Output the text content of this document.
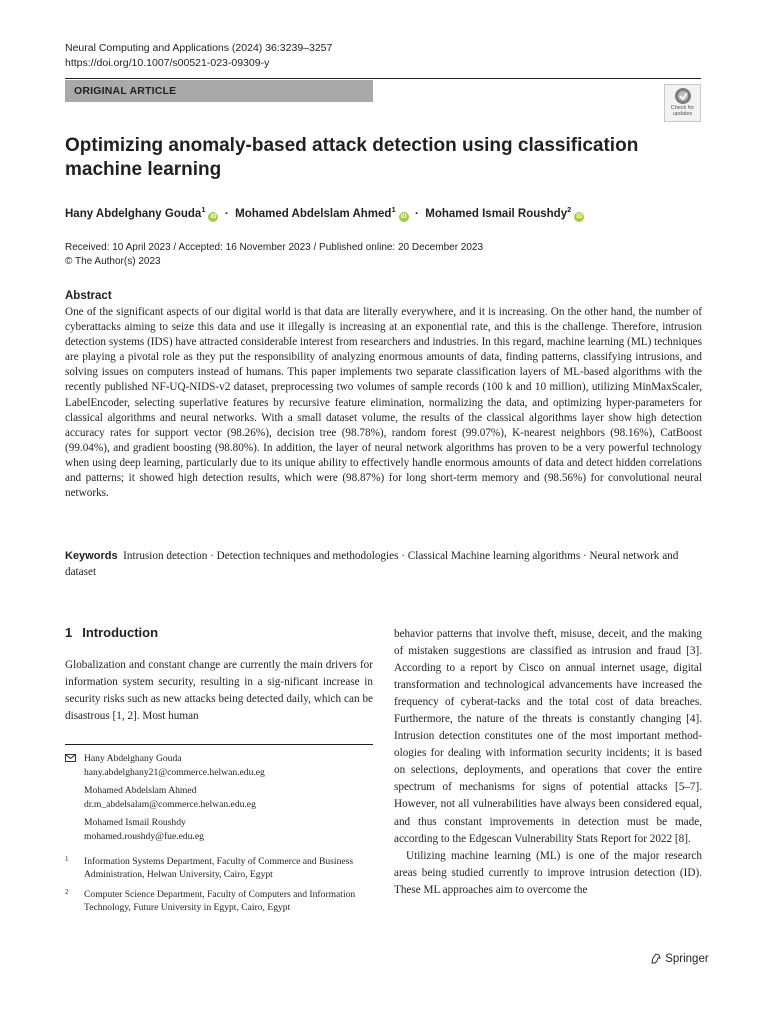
Neural Computing and Applications (2024) 36:3239–3257
https://doi.org/10.1007/s00521-023-09309-y
ORIGINAL ARTICLE
Check for updates
Optimizing anomaly-based attack detection using classification machine learning
Hany Abdelghany Gouda$^1$iD  ·  Mohamed Abdelslam Ahmed$^1$iD  ·  Mohamed Ismail Roushdy$^2$iD
Received: 10 April 2023 / Accepted: 16 November 2023 / Published online: 20 December 2023
© The Author(s) 2023
Abstract
One of the significant aspects of our digital world is that data are literally everywhere, and it is increasing. On the other hand, the number of cyberattacks aiming to seize this data and use it illegally is increasing at an exponential rate, and this is the challenge. Therefore, intrusion detection systems (IDS) have attracted considerable interest from researchers and industries. In this regard, machine learning (ML) techniques are playing a pivotal role as they put the responsibility of analyzing enormous amounts of data, finding patterns, classifying intrusions, and solving issues on computers instead of humans. This paper implements two separate classification layers of ML-based algorithms with the recently published NF-UQ-NIDS-v2 dataset, preprocessing two volumes of sample records (100 k and 10 million), utilizing MinMaxScaler, LabelEncoder, selecting superlative features by recursive feature elimination, normalizing the data, and optimizing hyper-parameters for classical algorithms and neural networks. With a small dataset volume, the results of the classical algorithms layer show high detection accuracy rates for support vector (98.26%), decision tree (98.78%), random forest (99.07%), K-nearest neighbors (98.16%), CatBoost (99.04%), and gradient boosting (98.80%). In addition, the layer of neural network algorithms has proven to be a very powerful technology when using deep learning, particularly due to its unique ability to effectively handle enormous amounts of data and detect hidden correlations and patterns; it showed high detection results, which were (98.87%) for long short-term memory and (98.56%) for convolutional neural networks.
Keywords Intrusion detection · Detection techniques and methodologies · Classical Machine learning algorithms · Neural network and dataset
1 Introduction
Globalization and constant change are currently the main drivers for information system security, resulting in a sig-nificant increase in security risks such as new attacks being detected daily, which can be disastrous [1, 2]. Most human
Hany Abdelghany Gouda
hany.abdelghany21@commerce.helwan.edu.eg
Mohamed Abdelslam Ahmed
dr.m_abdelsalam@commerce.helwan.edu.eg
Mohamed Ismail Roushdy
mohamed.roushdy@fue.edu.eg
1 Information Systems Department, Faculty of Commerce and Business Administration, Helwan University, Cairo, Egypt
2 Computer Science Department, Faculty of Computers and Information Technology, Future University in Egypt, Cairo, Egypt

behavior patterns that involve theft, misuse, deceit, and the making of mistaken suggestions are classified as intrusion and fraud [3]. According to a report by Cisco on annual internet usage, digital transformation and technological advancements have increased the frequency of cyberat-tacks and the total cost of data breaches. Furthermore, the nature of the threats is constantly changing [4]. Intrusion detection constitutes one of the most important method-ologies for dealing with information security incidents; it is based on selections, deployments, and operations that cover the entire spectrum of mechanisms for signs of potential attacks [5–7]. However, not all vulnerabilities have always been considered equal, and thus constant improvements in detection must be made, according to the Edgescan Vulnerability Stats Report for 2022 [8].

Utilizing machine learning (ML) is one of the major research areas being studied currently to improve intrusion detection (ID). These ML approaches aim to overcome the

Springer
